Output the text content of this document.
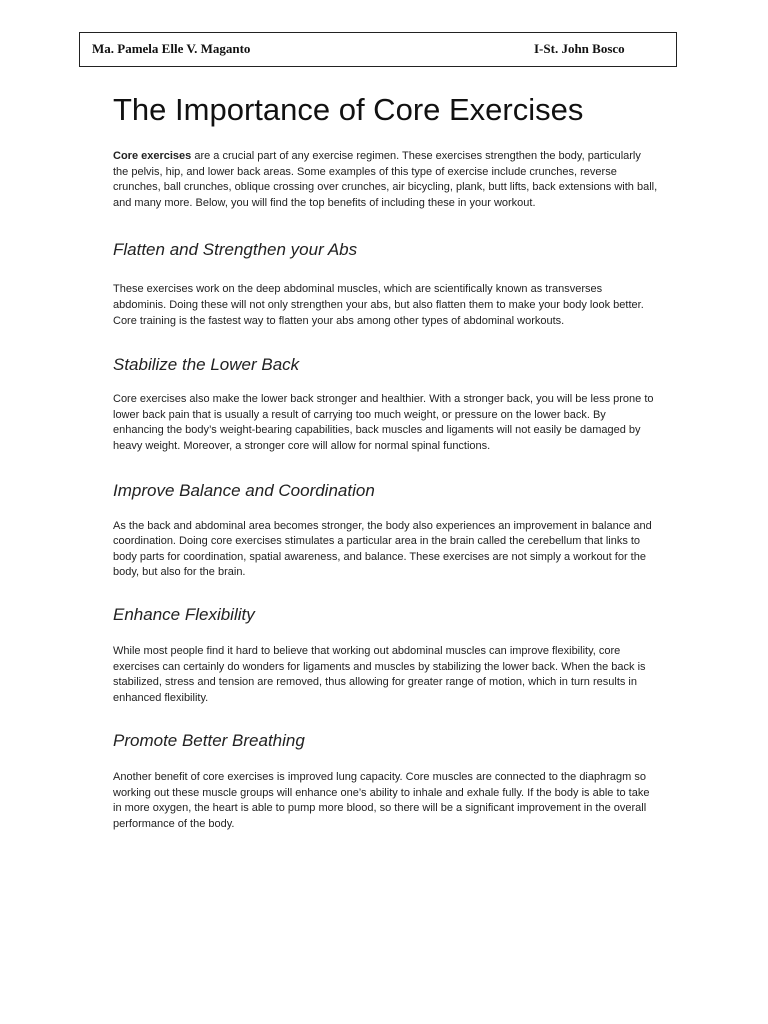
Ma. Pamela Elle V. Maganto	I-St. John Bosco
The Importance of Core Exercises

Core exercises are a crucial part of any exercise regimen. These exercises strengthen the body, particularly the pelvis, hip, and lower back areas. Some examples of this type of exercise include crunches, reverse crunches, ball crunches, oblique crossing over crunches, air bicycling, plank, butt lifts, back extensions with ball, and many more. Below, you will find the top benefits of including these in your workout.

Flatten and Strengthen your Abs

These exercises work on the deep abdominal muscles, which are scientifically known as transverses abdominis. Doing these will not only strengthen your abs, but also flatten them to make your body look better. Core training is the fastest way to flatten your abs among other types of abdominal workouts.

Stabilize the Lower Back

Core exercises also make the lower back stronger and healthier. With a stronger back, you will be less prone to lower back pain that is usually a result of carrying too much weight, or pressure on the lower back. By enhancing the body’s weight-bearing capabilities, back muscles and ligaments will not easily be damaged by heavy weight. Moreover, a stronger core will allow for normal spinal functions.

Improve Balance and Coordination

As the back and abdominal area becomes stronger, the body also experiences an improvement in balance and coordination. Doing core exercises stimulates a particular area in the brain called the cerebellum that links to body parts for coordination, spatial awareness, and balance. These exercises are not simply a workout for the body, but also for the brain.

Enhance Flexibility

While most people find it hard to believe that working out abdominal muscles can improve flexibility, core exercises can certainly do wonders for ligaments and muscles by stabilizing the lower back. When the back is stabilized, stress and tension are removed, thus allowing for greater range of motion, which in turn results in enhanced flexibility.

Promote Better Breathing

Another benefit of core exercises is improved lung capacity. Core muscles are connected to the diaphragm so working out these muscle groups will enhance one’s ability to inhale and exhale fully. If the body is able to take in more oxygen, the heart is able to pump more blood, so there will be a significant improvement in the overall performance of the body.
